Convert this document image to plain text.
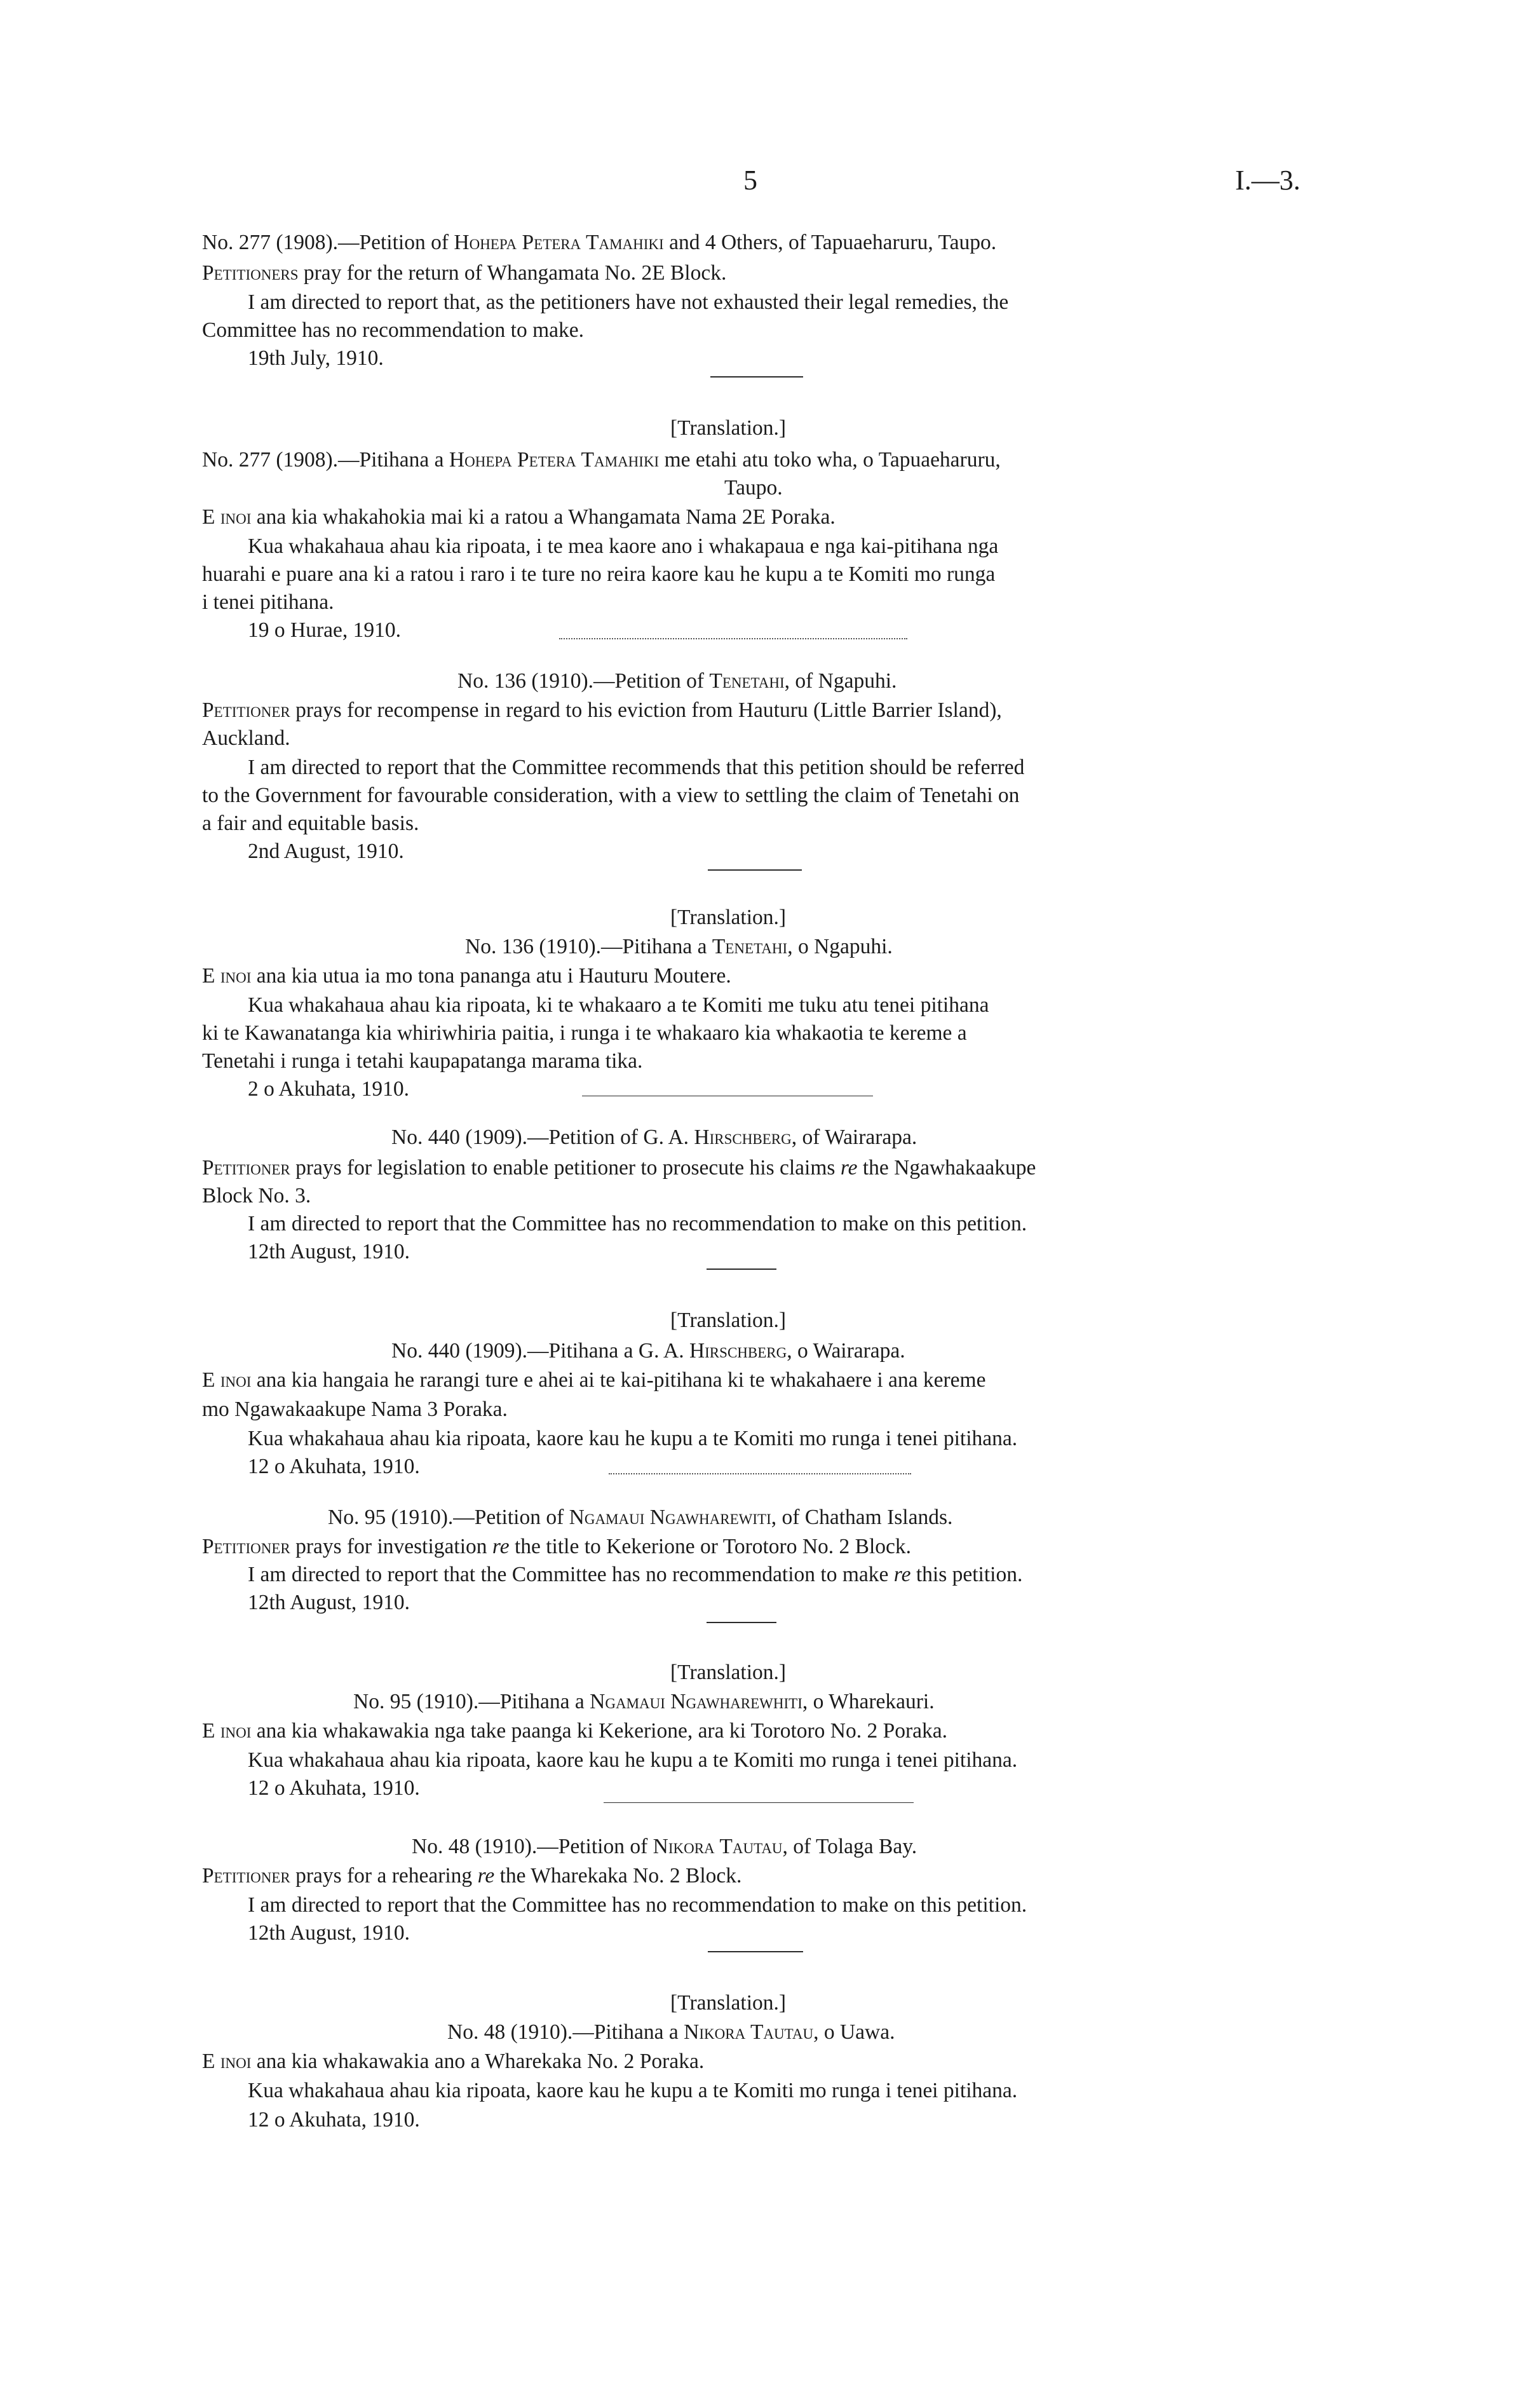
5	I.—3.
No. 277 (1908).—Petition of Hohepa Petera Tamahiki and 4 Others, of Tapuaeharuru, Taupo.
Petitioners pray for the return of Whangamata No. 2E Block.
I am directed to report that, as the petitioners have not exhausted their legal remedies, the
Committee has no recommendation to make.
19th July, 1910.
[Translation.]
No. 277 (1908).—Pitihana a Hohepa Petera Tamahiki me etahi atu toko wha, o Tapuaeharuru,
Taupo.
E inoi ana kia whakahokia mai ki a ratou a Whangamata Nama 2E Poraka.
Kua whakahaua ahau kia ripoata, i te mea kaore ano i whakapaua e nga kai-pitihana nga
huarahi e puare ana ki a ratou i raro i te ture no reira kaore kau he kupu a te Komiti mo runga
i tenei pitihana.
19 o Hurae, 1910.
No. 136 (1910).—Petition of Tenetahi, of Ngapuhi.
Petitioner prays for recompense in regard to his eviction from Hauturu (Little Barrier Island),
Auckland.
I am directed to report that the Committee recommends that this petition should be referred
to the Government for favourable consideration, with a view to settling the claim of Tenetahi on
a fair and equitable basis.
2nd August, 1910.
[Translation.]
No. 136 (1910).—Pitihana a Tenetahi, o Ngapuhi.
E inoi ana kia utua ia mo tona pananga atu i Hauturu Moutere.
Kua whakahaua ahau kia ripoata, ki te whakaaro a te Komiti me tuku atu tenei pitihana
ki te Kawanatanga kia whiriwhiria paitia, i runga i te whakaaro kia whakaotia te kereme a
Tenetahi i runga i tetahi kaupapatanga marama tika.
2 o Akuhata, 1910.
No. 440 (1909).—Petition of G. A. Hirschberg, of Wairarapa.
Petitioner prays for legislation to enable petitioner to prosecute his claims re the Ngawhakaakupe
Block No. 3.
I am directed to report that the Committee has no recommendation to make on this petition.
12th August, 1910.
[Translation.]
No. 440 (1909).—Pitihana a G. A. Hirschberg, o Wairarapa.
E inoi ana kia hangaia he rarangi ture e ahei ai te kai-pitihana ki te whakahaere i ana kereme
mo Ngawakaakupe Nama 3 Poraka.
Kua whakahaua ahau kia ripoata, kaore kau he kupu a te Komiti mo runga i tenei pitihana.
12 o Akuhata, 1910.
No. 95 (1910).—Petition of Ngamaui Ngawharewiti, of Chatham Islands.
Petitioner prays for investigation re the title to Kekerione or Torotoro No. 2 Block.
I am directed to report that the Committee has no recommendation to make re this petition.
12th August, 1910.
[Translation.]
No. 95 (1910).—Pitihana a Ngamaui Ngawharewhiti, o Wharekauri.
E inoi ana kia whakawakia nga take paanga ki Kekerione, ara ki Torotoro No. 2 Poraka.
Kua whakahaua ahau kia ripoata, kaore kau he kupu a te Komiti mo runga i tenei pitihana.
12 o Akuhata, 1910.
No. 48 (1910).—Petition of Nikora Tautau, of Tolaga Bay.
Petitioner prays for a rehearing re the Wharekaka No. 2 Block.
I am directed to report that the Committee has no recommendation to make on this petition.
12th August, 1910.
[Translation.]
No. 48 (1910).—Pitihana a Nikora Tautau, o Uawa.
E inoi ana kia whakawakia ano a Wharekaka No. 2 Poraka.
Kua whakahaua ahau kia ripoata, kaore kau he kupu a te Komiti mo runga i tenei pitihana.
12 o Akuhata, 1910.
